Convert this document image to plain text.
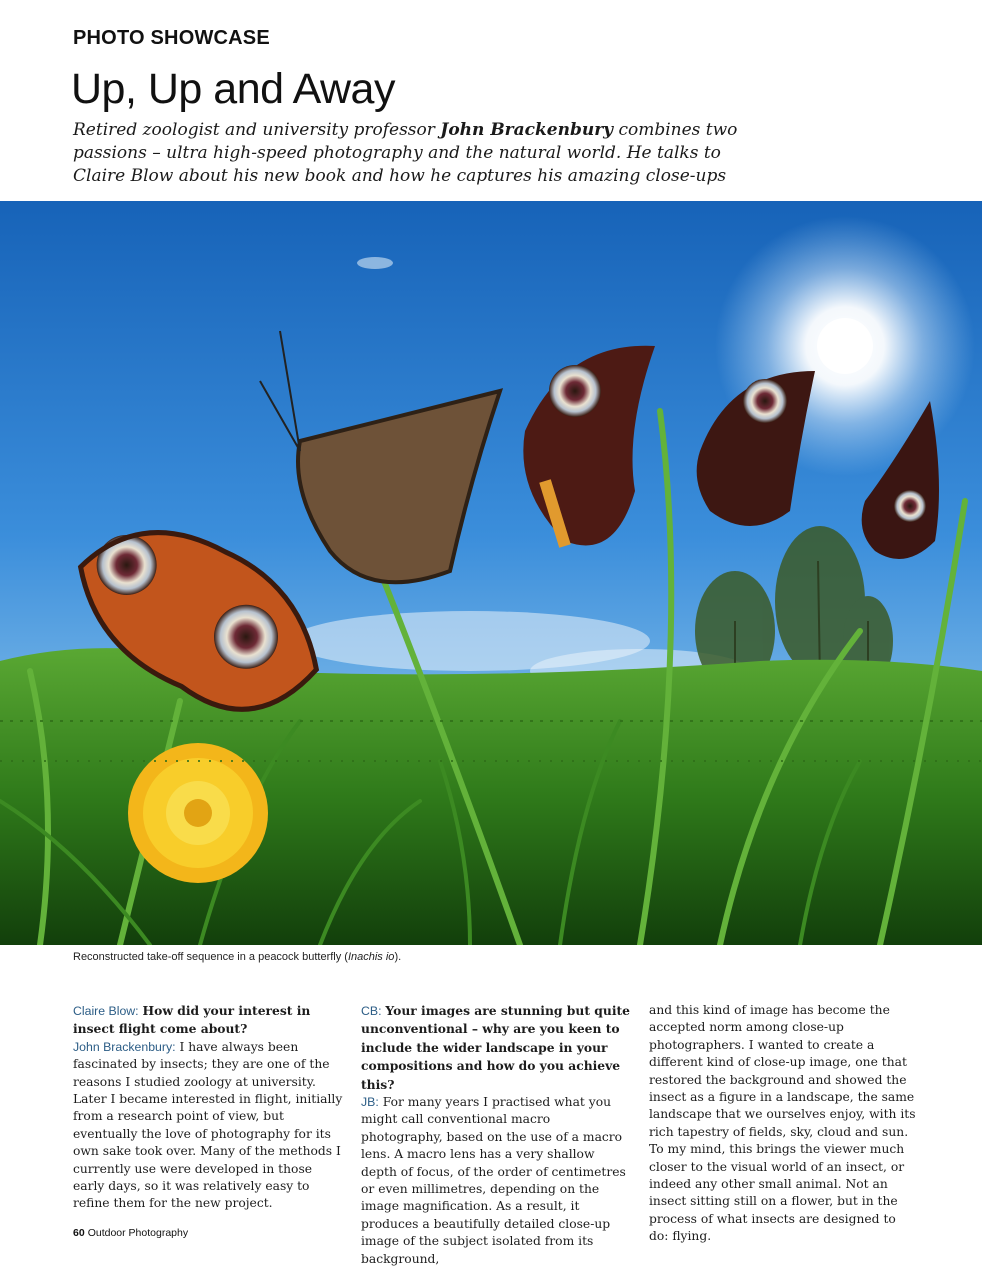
PHOTO SHOWCASE
Up, Up and Away

Retired zoologist and university professor John Brackenbury combines two passions – ultra high-speed photography and the natural world. He talks to Claire Blow about his new book and how he captures his amazing close-ups

Reconstructed take-off sequence in a peacock butterfly (Inachis io).

Claire Blow: How did your interest in insect flight come about?
John Brackenbury: I have always been fascinated by insects; they are one of the reasons I studied zoology at university. Later I became interested in flight, initially from a research point of view, but eventually the love of photography for its own sake took over. Many of the methods I currently use were developed in those early days, so it was relatively easy to refine them for the new project.

CB: Your images are stunning but quite unconventional – why are you keen to include the wider landscape in your compositions and how do you achieve this?
JB: For many years I practised what you might call conventional macro photography, based on the use of a macro lens. A macro lens has a very shallow depth of focus, of the order of centimetres or even millimetres, depending on the image magnification. As a result, it produces a beautifully detailed close-up image of the subject isolated from its background,

and this kind of image has become the accepted norm among close-up photographers. I wanted to create a different kind of close-up image, one that restored the background and showed the insect as a figure in a landscape, the same landscape that we ourselves enjoy, with its rich tapestry of fields, sky, cloud and sun. To my mind, this brings the viewer much closer to the visual world of an insect, or indeed any other small animal. Not an insect sitting still on a flower, but in the process of what insects are designed to do: flying.

60 Outdoor Photography
